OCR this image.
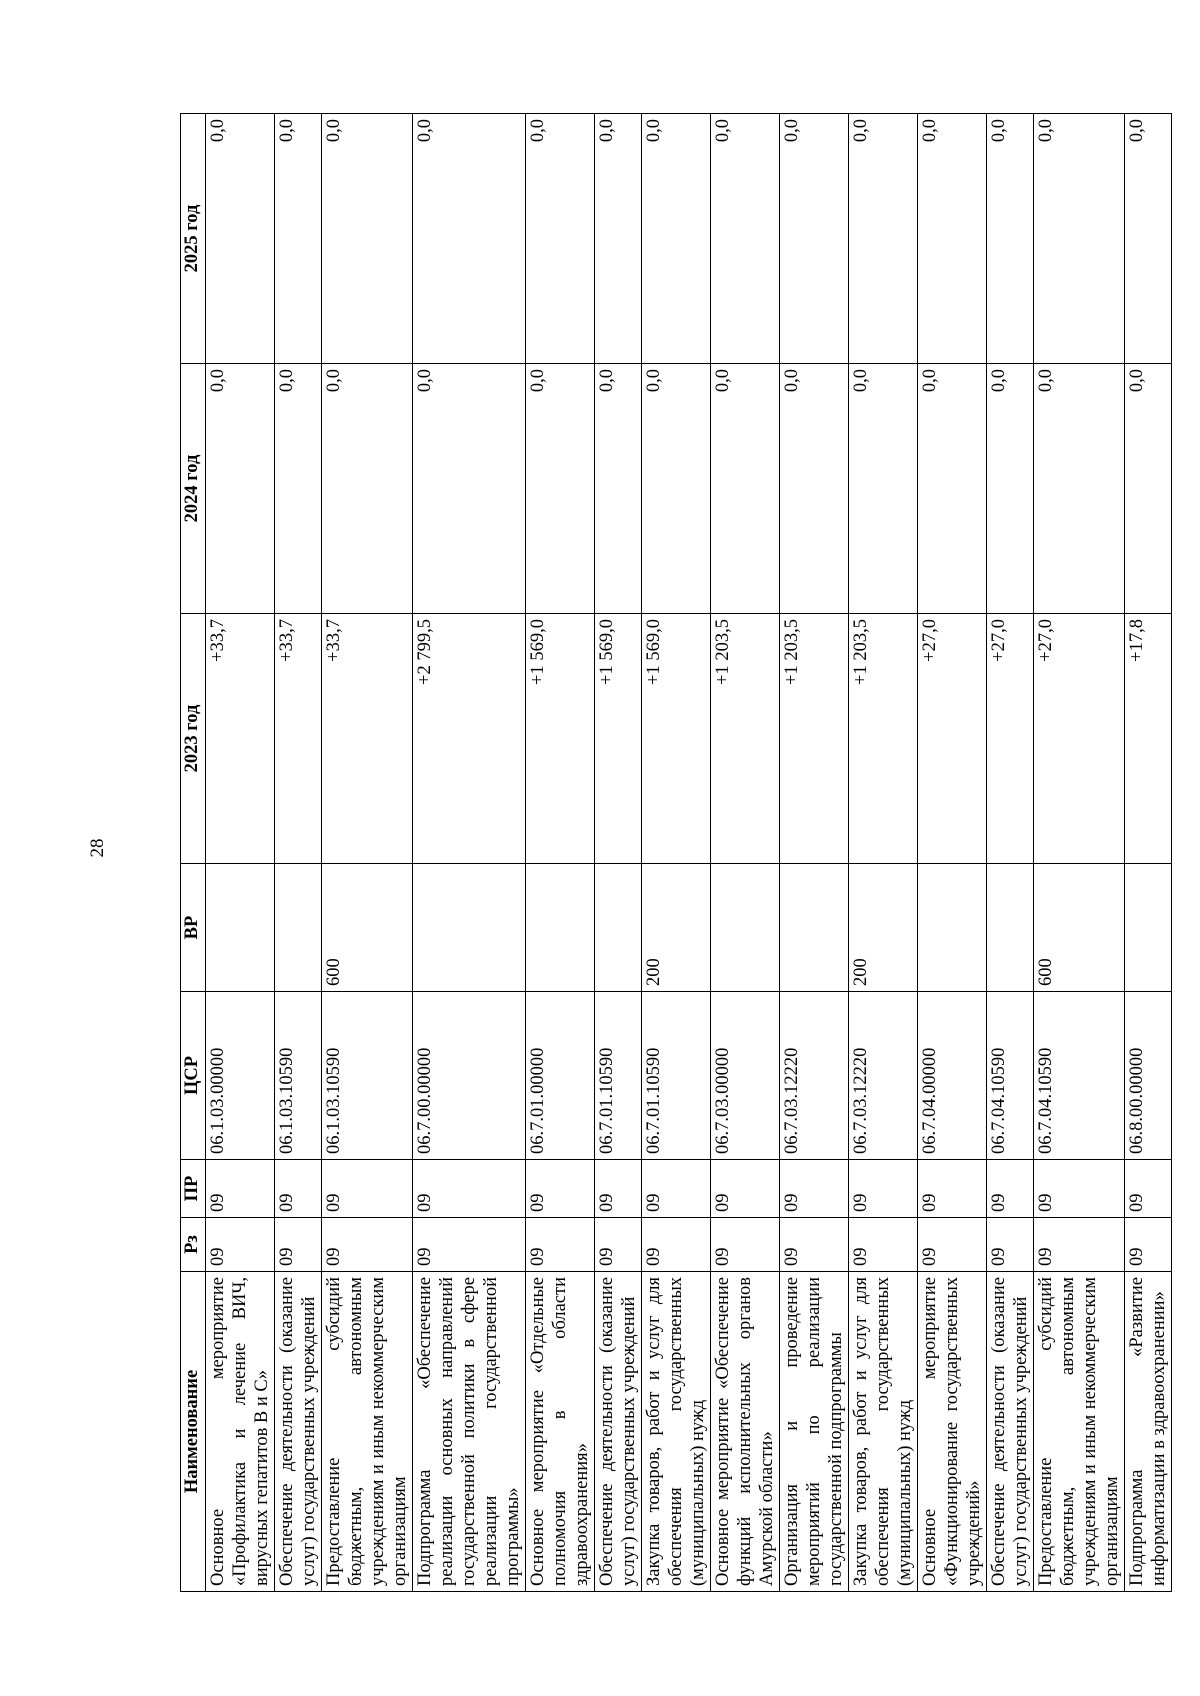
28
Наименование	Рз	ПР	ЦСР	ВР	2023 год	2024 год	2025 год
Основное мероприятие «Профилактика и лечение ВИЧ, вирусных гепатитов В и С»	09	09	06.1.03.00000		+33,7	0,0	0,0
Обеспечение деятельности (оказание услуг) государственных учреждений	09	09	06.1.03.10590		+33,7	0,0	0,0
Предоставление субсидий бюджетным, автономным учреждениям и иным некоммерческим организациям	09	09	06.1.03.10590	600	+33,7	0,0	0,0
Подпрограмма «Обеспечение реализации основных направлений государственной политики в сфере реализации государственной программы»	09	09	06.7.00.00000		+2 799,5	0,0	0,0
Основное мероприятие «Отдельные полномочия в области здравоохранения»	09	09	06.7.01.00000		+1 569,0	0,0	0,0
Обеспечение деятельности (оказание услуг) государственных учреждений	09	09	06.7.01.10590		+1 569,0	0,0	0,0
Закупка товаров, работ и услуг для обеспечения государственных (муниципальных) нужд	09	09	06.7.01.10590	200	+1 569,0	0,0	0,0
Основное мероприятие «Обеспечение функций исполнительных органов Амурской области»	09	09	06.7.03.00000		+1 203,5	0,0	0,0
Организация и проведение мероприятий по реализации государственной подпрограммы	09	09	06.7.03.12220		+1 203,5	0,0	0,0
Закупка товаров, работ и услуг для обеспечения государственных (муниципальных) нужд	09	09	06.7.03.12220	200	+1 203,5	0,0	0,0
Основное мероприятие «Функционирование государственных учреждений»	09	09	06.7.04.00000		+27,0	0,0	0,0
Обеспечение деятельности (оказание услуг) государственных учреждений	09	09	06.7.04.10590		+27,0	0,0	0,0
Предоставление субсидий бюджетным, автономным учреждениям и иным некоммерческим организациям	09	09	06.7.04.10590	600	+27,0	0,0	0,0
Подпрограмма «Развитие информатизации в здравоохранении»	09	09	06.8.00.00000		+17,8	0,0	0,0
